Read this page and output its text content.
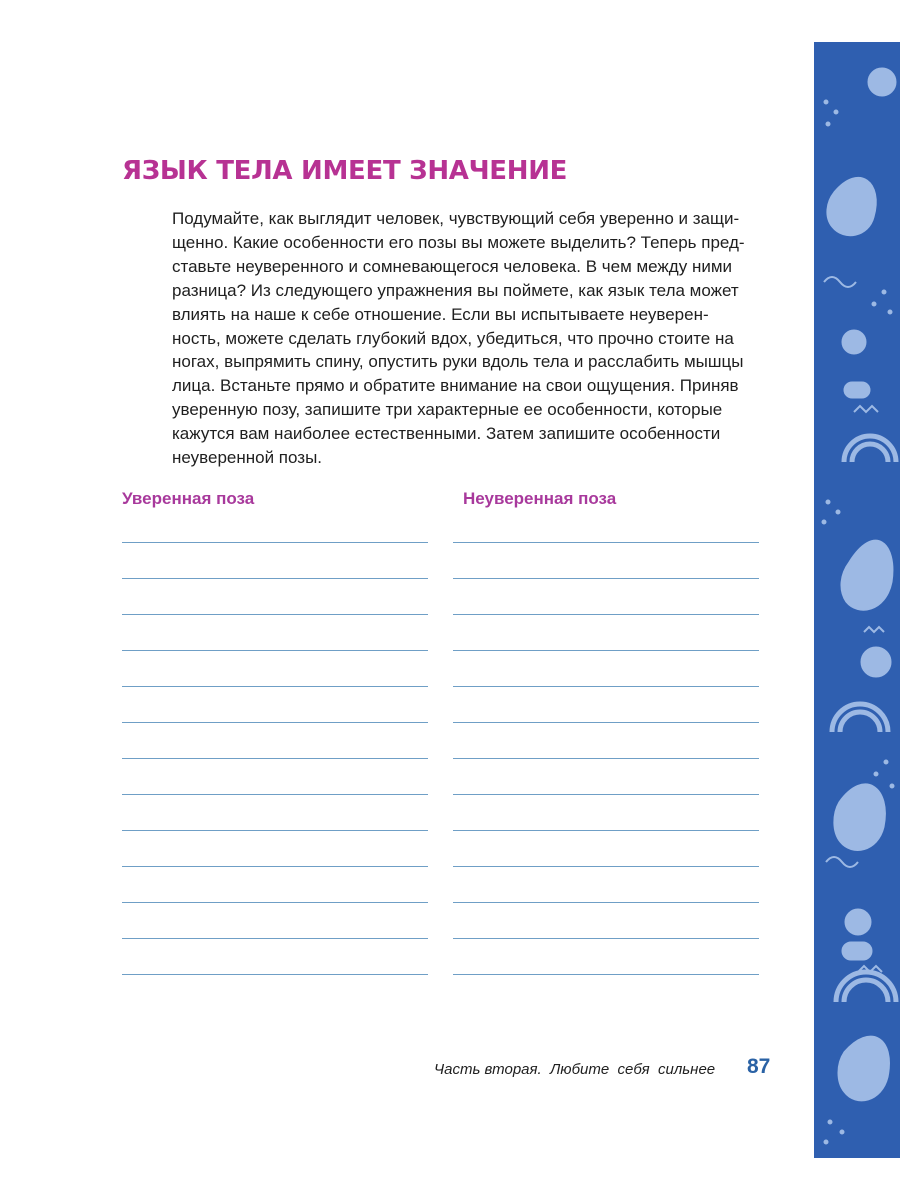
ЯЗЫК ТЕЛА ИМЕЕТ ЗНАЧЕНИЕ
Подумайте, как выглядит человек, чувствующий себя уверенно и защи-
щенно. Какие особенности его позы вы можете выделить? Теперь пред-
ставьте неуверенного и сомневающегося человека. В чем между ними
разница? Из следующего упражнения вы поймете, как язык тела может
влиять на наше к себе отношение. Если вы испытываете неуверен-
ность, можете сделать глубокий вдох, убедиться, что прочно стоите на
ногах, выпрямить спину, опустить руки вдоль тела и расслабить мышцы
лица. Встаньте прямо и обратите внимание на свои ощущения. Приняв
уверенную позу, запишите три характерные ее особенности, которые
кажутся вам наиболее естественными. Затем запишите особенности
неуверенной позы.
Уверенная поза	Неуверенная поза
Часть вторая.  Любите  себя  сильнее 87
